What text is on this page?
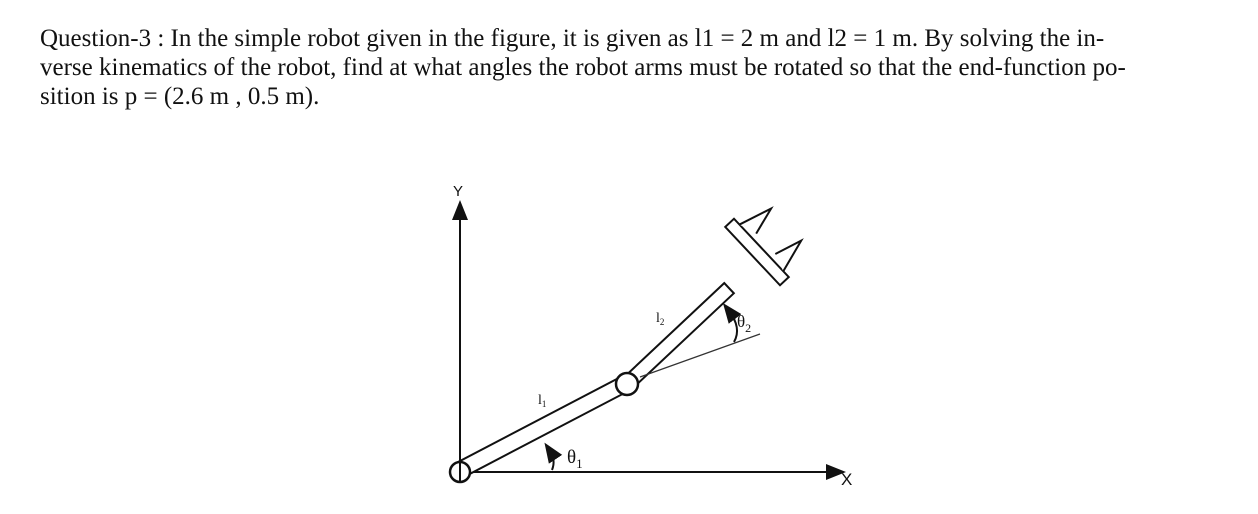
Question-3 : In the simple robot given in the figure, it is given as l1 = 2 m and l2 = 1 m. By solving the in-
verse kinematics of the robot, find at what angles the robot arms must be rotated so that the end-function po-
sition is p = (2.6 m , 0.5 m).
Y
X
$\theta_1$
$\theta_2$
$l_1$
$l_2$
